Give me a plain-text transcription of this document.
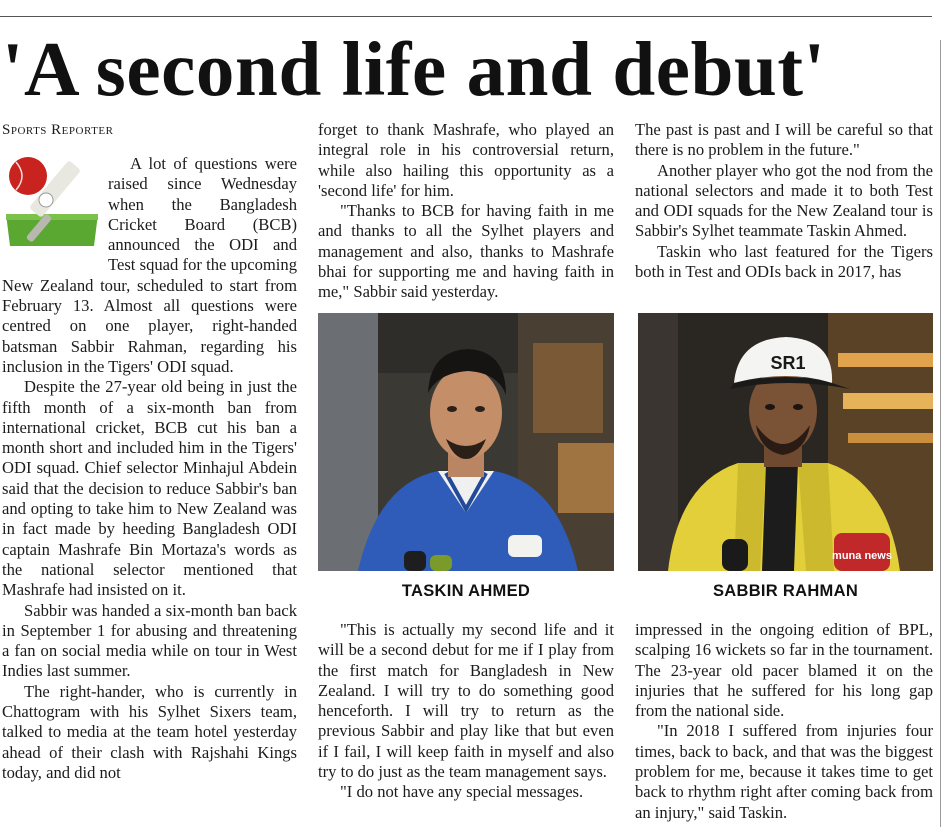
'A second life and debut'
Sports Reporter

A lot of questions were raised since Wednesday when the Bangladesh Cricket Board (BCB) announced the ODI and Test squad for the upcoming New Zealand tour, scheduled to start from February 13. Almost all questions were centred on one player, right-handed batsman Sabbir Rahman, regarding his inclusion in the Tigers' ODI squad.

Despite the 27-year old being in just the fifth month of a six-month ban from international cricket, BCB cut his ban a month short and included him in the Tigers' ODI squad. Chief selector Minhajul Abdein said that the decision to reduce Sabbir's ban and opting to take him to New Zealand was in fact made by heeding Bangladesh ODI captain Mashrafe Bin Mortaza's words as the national selector mentioned that Mashrafe had insisted on it.

Sabbir was handed a six-month ban back in September 1 for abusing and threatening a fan on social media while on tour in West Indies last summer.

The right-hander, who is currently in Chattogram with his Sylhet Sixers team, talked to media at the team hotel yesterday ahead of their clash with Rajshahi Kings today, and did not

forget to thank Mashrafe, who played an integral role in his controversial return, while also hailing this opportunity as a 'second life' for him.

"Thanks to BCB for having faith in me and thanks to all the Sylhet players and management and also, thanks to Mashrafe bhai for supporting me and having faith in me," Sabbir said yesterday.

The past is past and I will be careful so that there is no problem in the future."

Another player who got the nod from the national selectors and made it to both Test and ODI squads for the New Zealand tour is Sabbir's Sylhet teammate Taskin Ahmed.

Taskin who last featured for the Tigers both in Test and ODIs back in 2017, has

SR1
muna news
TASKIN AHMED	SABBIR RAHMAN

"This is actually my second life and it will be a second debut for me if I play from the first match for Bangladesh in New Zealand. I will try to do something good henceforth. I will try to return as the previous Sabbir and play like that but even if I fail, I will keep faith in myself and also try to do just as the team management says.

"I do not have any special messages.

impressed in the ongoing edition of BPL, scalping 16 wickets so far in the tournament. The 23-year old pacer blamed it on the injuries that he suffered for his long gap from the national side.

"In 2018 I suffered from injuries four times, back to back, and that was the biggest problem for me, because it takes time to get back to rhythm right after coming back from an injury," said Taskin.
